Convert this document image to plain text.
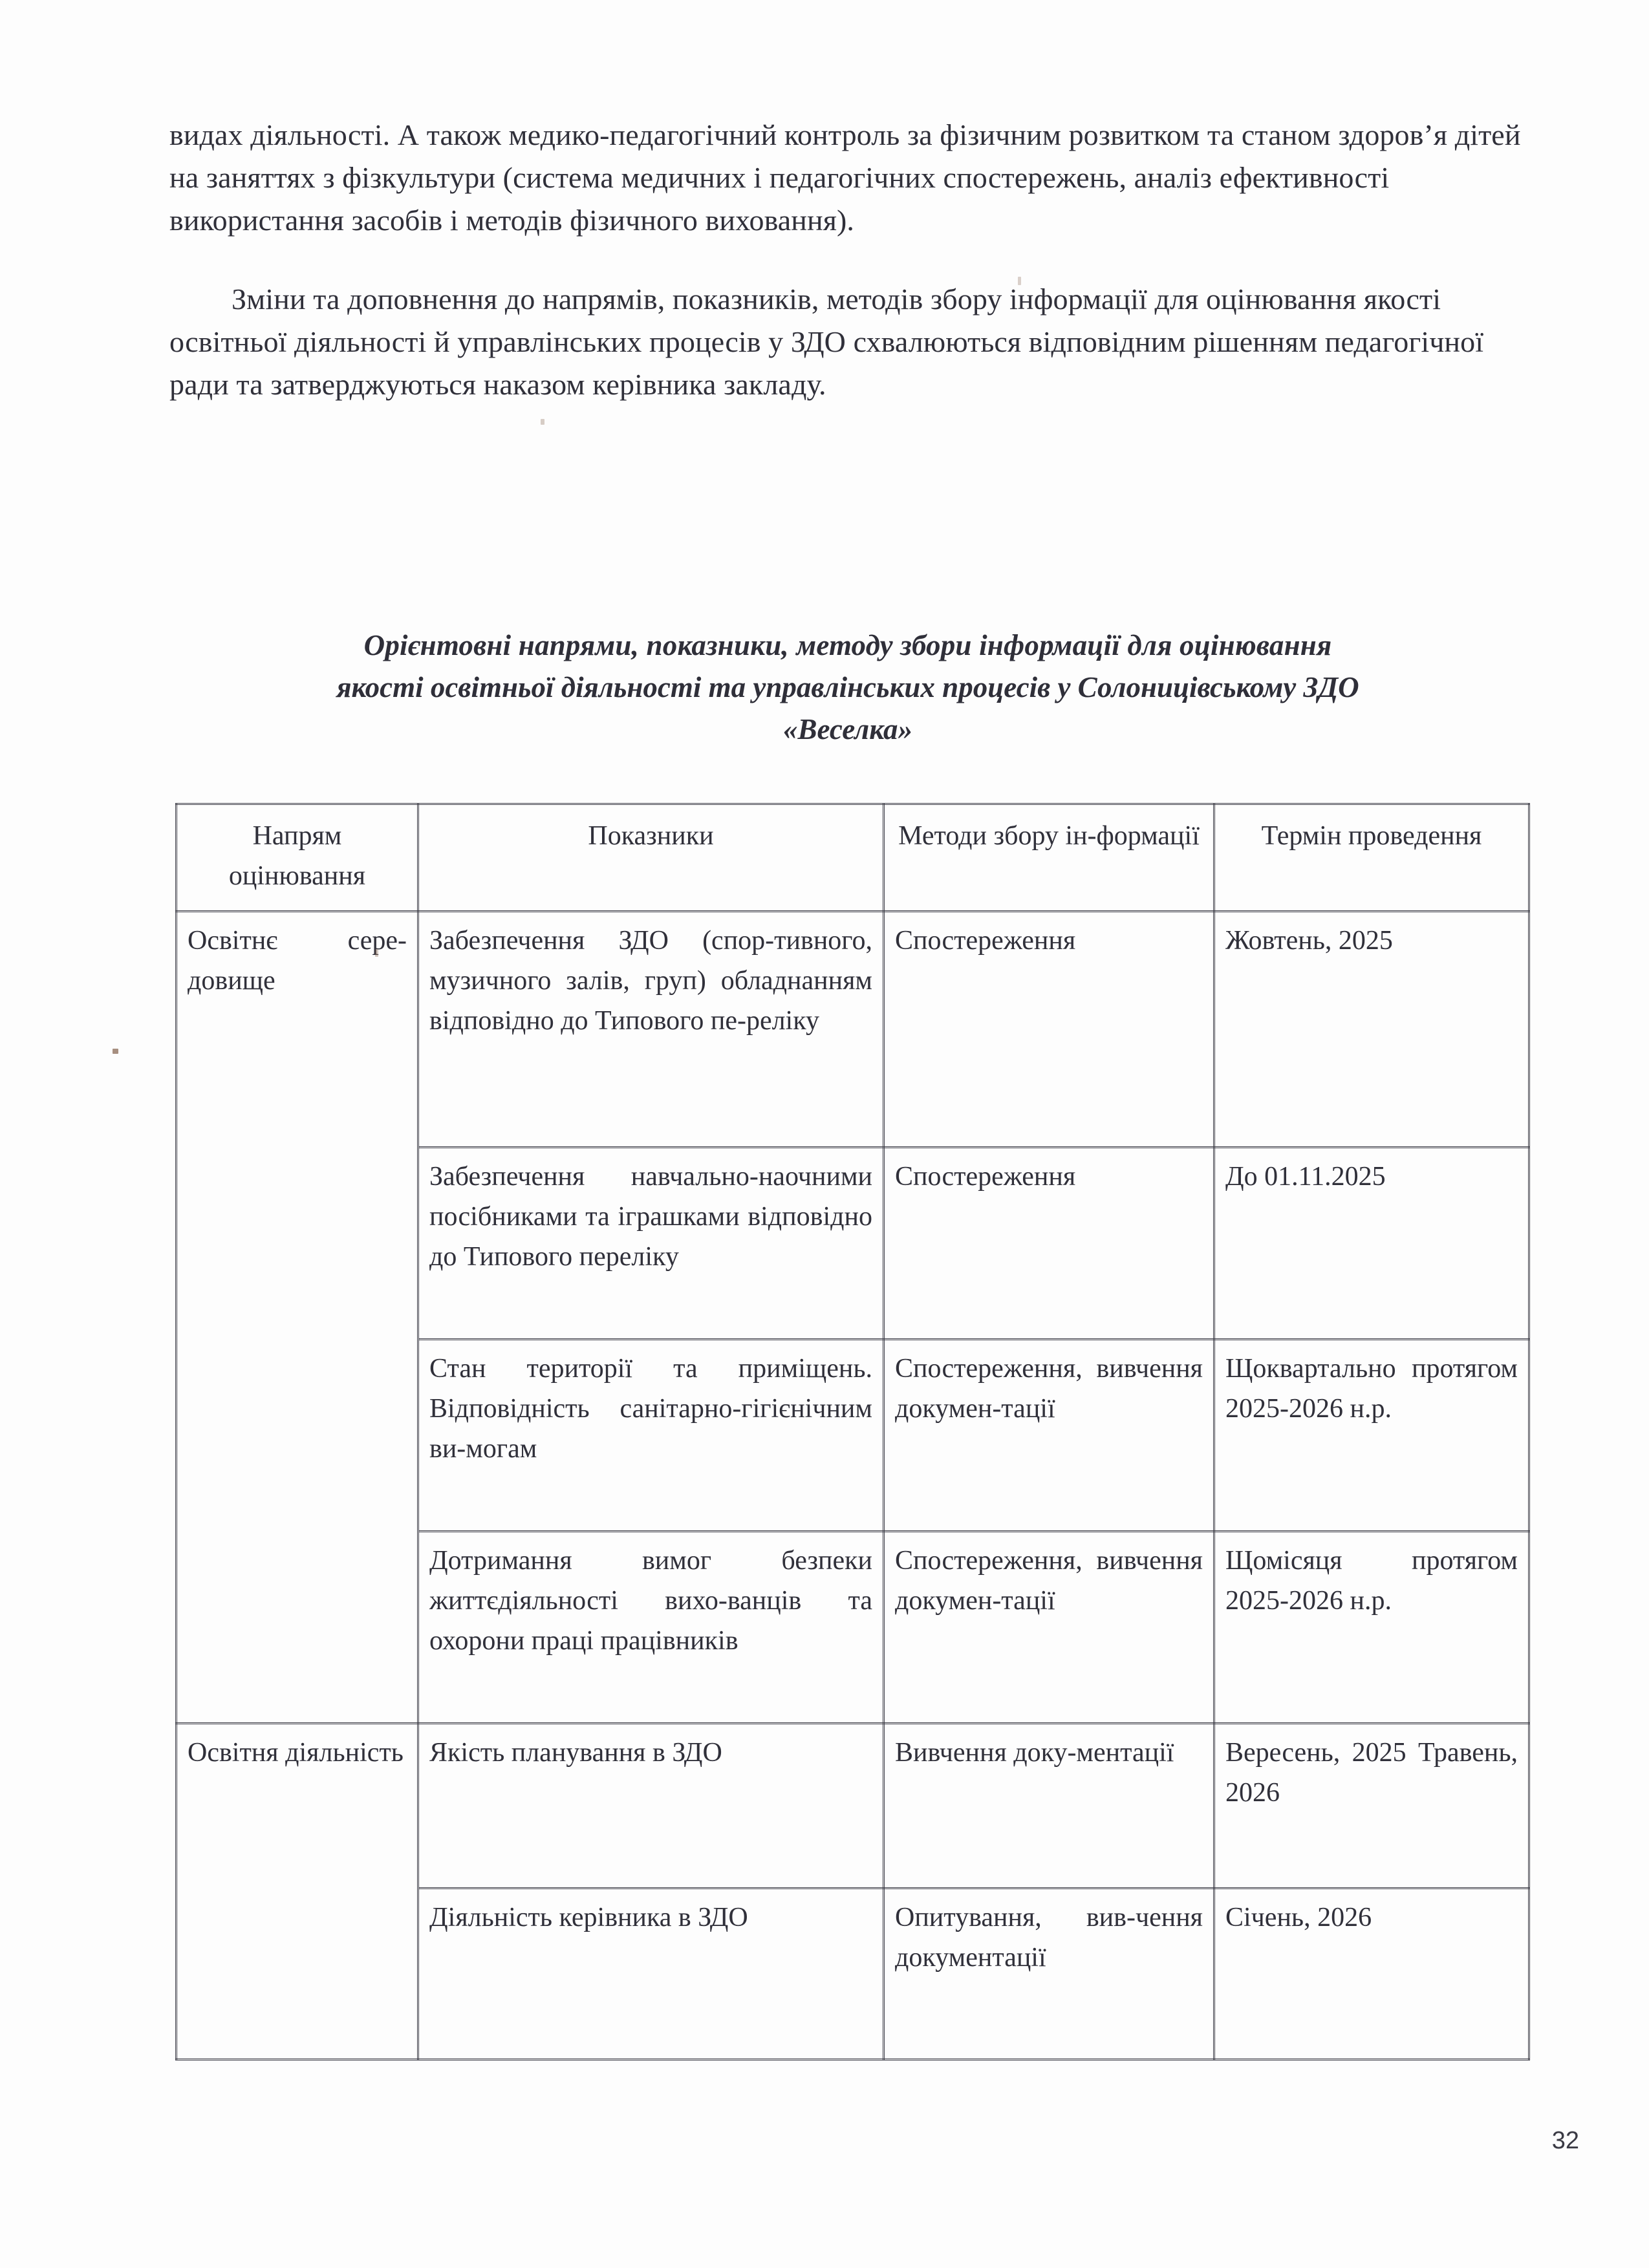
видах діяльності. А також медико-педагогічний контроль за фізичним розвитком та станом здоров’я дітей на заняттях з фізкультури (система медичних і педагогічних спостережень, аналіз ефективності використання засобів і методів фізичного виховання).

Зміни та доповнення до напрямів, показників, методів збору інформації для оцінювання якості освітньої діяльності й управлінських процесів у ЗДО схвалюються відповідним рішенням педагогічної ради та затверджуються наказом керівника закладу.

Орієнтовні напрями, показники, методу збори інформації для оцінювання
якості освітньої діяльності та управлінських процесів у Солоницівському ЗДО
«Веселка»
Напрям оцінювання	Показники	Методи збору ін-формації	Термін проведення
Освітнє сере-довище	Забезпечення ЗДО (спор-тивного, музичного залів, груп) обладнанням відповідно до Типового пе-реліку	Спостереження	Жовтень, 2025
	Забезпечення навчально-наочними посібниками та іграшками відповідно до Типового переліку	Спостереження	До 01.11.2025
	Стан території та приміщень. Відповідність санітарно-гігієнічним ви-могам	Спостереження, вивчення докумен-тації	Щоквартально протягом 2025-2026 н.р.
	Дотримання вимог безпеки життєдіяльності вихо-ванців та охорони праці працівників	Спостереження, вивчення докумен-тації	Щомісяця протягом 2025-2026 н.р.
Освітня діяльність	Якість планування в ЗДО	Вивчення доку-ментації	Вересень, 2025 Травень, 2026
	Діяльність керівника в ЗДО	Опитування, вив-чення документації	Січень, 2026
32
